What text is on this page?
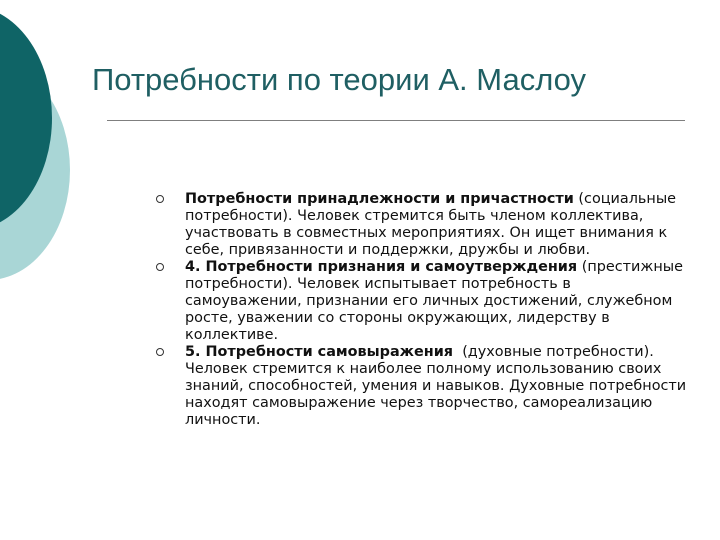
Потребности по теории А. Маслоу
Потребности принадлежности и причастности (социальные потребности). Человек стремится быть членом коллектива, участвовать в совместных мероприятиях. Он ищет внимания к себе, привязанности и поддержки, дружбы и любви.
4. Потребности признания и самоутверждения (престижные потребности). Человек испытывает потребность в самоуважении, признании его личных достижений, служебном росте, уважении со стороны окружающих, лидерству в коллективе.
5. Потребности самовыражения  (духовные потребности). Человек стремится к наиболее полному использованию своих знаний, способностей, умения и навыков. Духовные потребности находят самовыражение через творчество, самореализацию личности.
